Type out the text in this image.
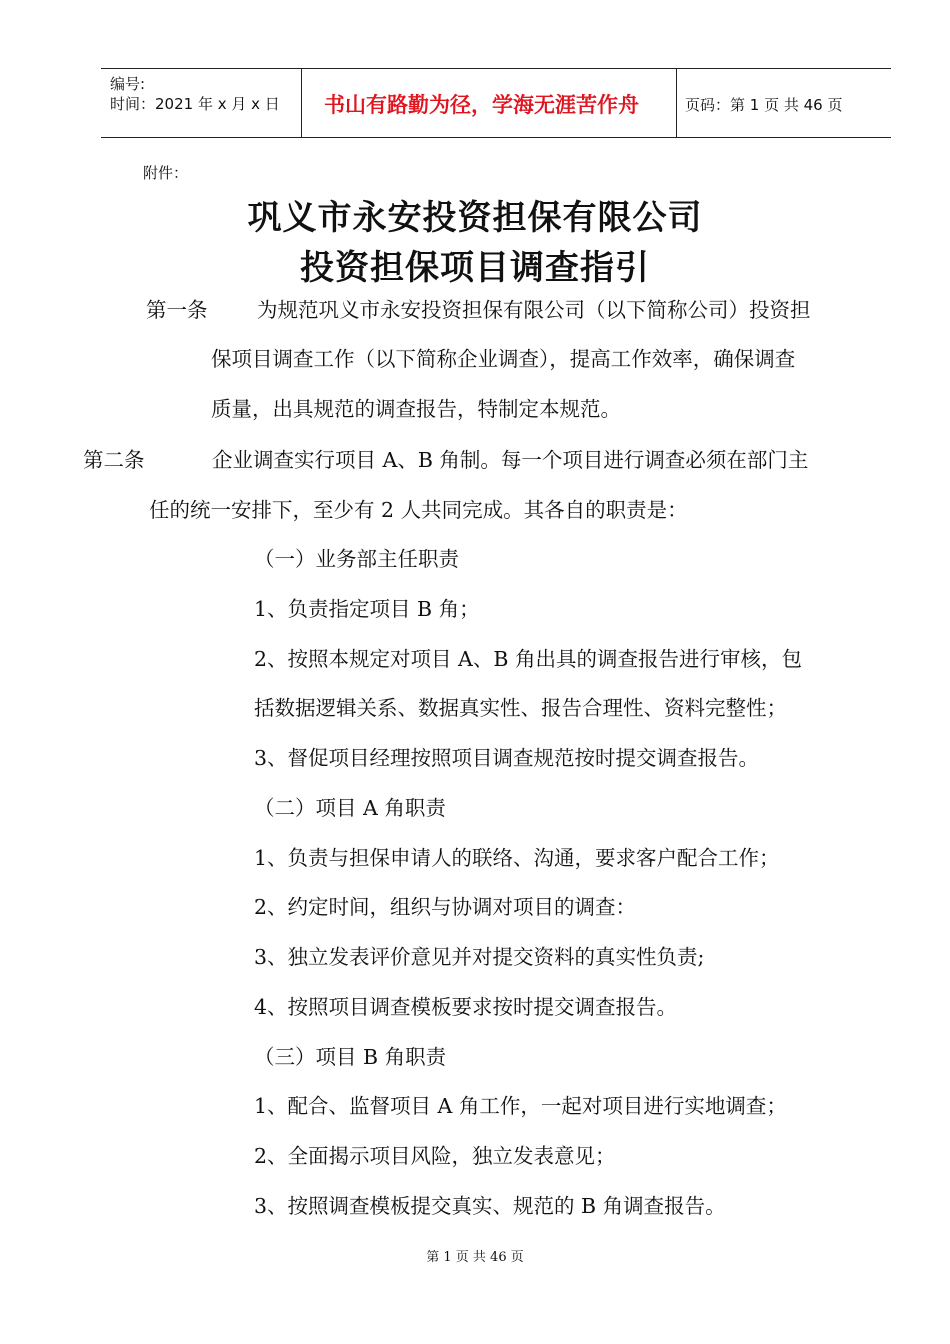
编号:
时间：2021 年 x 月 x 日 书山有路勤为径，学海无涯苦作舟	页码：第 1 页 共 46 页
附件：
巩义市永安投资担保有限公司
投资担保项目调查指引
第一条 为规范巩义市永安投资担保有限公司（以下简称公司）投资担
保项目调查工作（以下简称企业调查），提高工作效率，确保调查
质量，出具规范的调查报告，特制定本规范。
第二条	企业调查实行项目 A、B 角制。每一个项目进行调查必须在部门主
任的统一安排下，至少有 2 人共同完成。其各自的职责是：
（一）业务部主任职责
1、负责指定项目 B 角；
2、按照本规定对项目 A、B 角出具的调查报告进行审核，包
括数据逻辑关系、数据真实性、报告合理性、资料完整性；
3、督促项目经理按照项目调查规范按时提交调查报告。
（二）项目 A 角职责
1、负责与担保申请人的联络、沟通，要求客户配合工作；
2、约定时间，组织与协调对项目的调查：
3、独立发表评价意见并对提交资料的真实性负责;
4、按照项目调查模板要求按时提交调查报告。
（三）项目 B 角职责
1、配合、监督项目 A 角工作，一起对项目进行实地调查；
2、全面揭示项目风险，独立发表意见；
3、按照调查模板提交真实、规范的 B 角调查报告。
第 1 页 共 46 页
